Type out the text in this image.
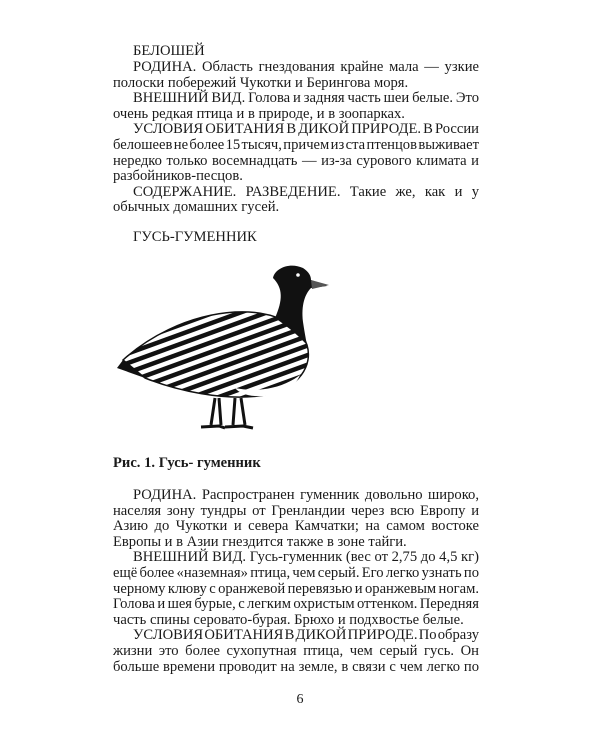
БЕЛОШЕЙ
РОДИНА. Область гнездования крайне мала — узкие
полоски побережий Чукотки и Берингова моря.
ВНЕШНИЙ ВИД. Голова и задняя часть шеи белые. Это
очень редкая птица и в природе, и в зоопарках.
УСЛОВИЯ ОБИТАНИЯ В ДИКОЙ ПРИРОДЕ. В России
белошеев не более 15 тысяч, причем из ста птенцов выживает
нередко только восемнадцать — из-за сурового климата и
разбойников-песцов.
СОДЕРЖАНИЕ. РАЗВЕДЕНИЕ. Такие же, как и у
обычных домашних гусей.
ГУСЬ-ГУМЕННИК
Рис. 1. Гусь- гуменник
РОДИНА. Распространен гуменник довольно широко,
населяя зону тундры от Гренландии через всю Европу и
Азию до Чукотки и севера Камчатки; на самом востоке
Европы и в Азии гнездится также в зоне тайги.
ВНЕШНИЙ ВИД. Гусь-гуменник (вес от 2,75 до 4,5 кг)
ещё более «наземная» птица, чем серый. Его легко узнать по
черному клюву с оранжевой перевязью и оранжевым ногам.
Голова и шея бурые, с легким охристым оттенком. Передняя
часть спины серовато-бурая. Брюхо и подхвостье белые.
УСЛОВИЯ ОБИТАНИЯ В ДИКОЙ ПРИРОДЕ. По образу
жизни это более сухопутная птица, чем серый гусь. Он
больше времени проводит на земле, в связи с чем легко по
6
